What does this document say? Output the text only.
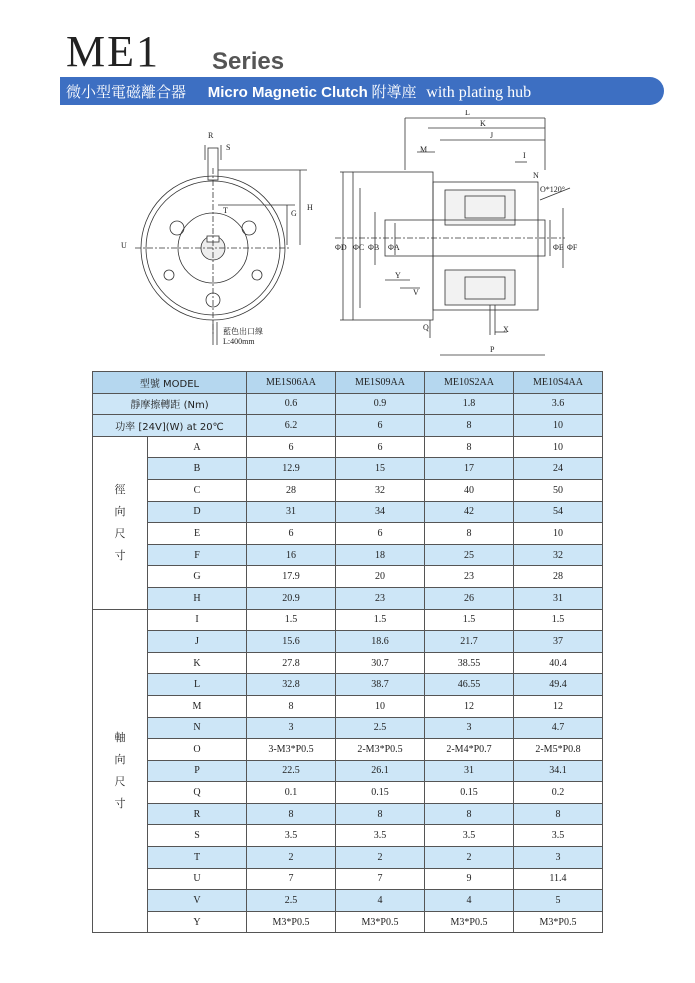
ME1 Series
微小型電磁離合器 Micro Magnetic Clutch 附導座 with plating hub
R
S
T	G
H
U
藍色出口線
L:400mm
L
K
J
M
I
N
O*120°
ΦD ΦC ΦB ΦA	ΦE ΦF
Y
V
Q	X
P
型號 MODEL		ME1S06AA	ME1S09AA	ME10S2AA	ME10S4AA
靜摩擦轉距 (Nm)		0.6	0.9	1.8	3.6
功率 [24V](W) at 20℃		6.2	6	8	10
徑
向
尺
寸	A	6	6	8	10
	B	12.9	15	17	24
	C	28	32	40	50
	D	31	34	42	54
	E	6	6	8	10
	F	16	18	25	32
	G	17.9	20	23	28
	H	20.9	23	26	31
軸
向
尺
寸	I	1.5	1.5	1.5	1.5
	J	15.6	18.6	21.7	37
	K	27.8	30.7	38.55	40.4
	L	32.8	38.7	46.55	49.4
	M	8	10	12	12
	N	3	2.5	3	4.7
	O	3-M3*P0.5	2-M3*P0.5	2-M4*P0.7	2-M5*P0.8
	P	22.5	26.1	31	34.1
	Q	0.1	0.15	0.15	0.2
	R	8	8	8	8
	S	3.5	3.5	3.5	3.5
	T	2	2	2	3
	U	7	7	9	11.4
	V	2.5	4	4	5
	Y	M3*P0.5	M3*P0.5	M3*P0.5	M3*P0.5
